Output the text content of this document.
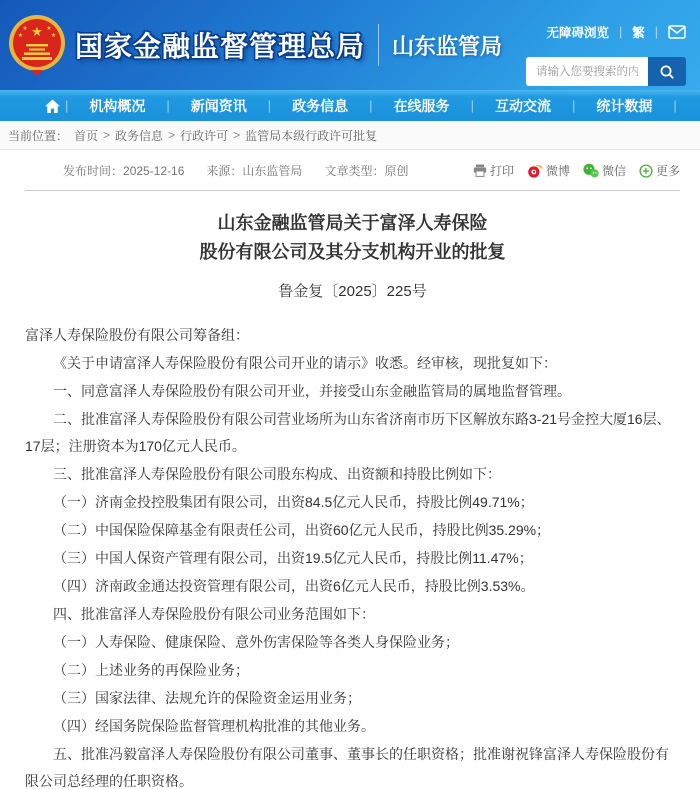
★
★
★
★
★ 国家金融监督管理总局 山东监管局
无障碍浏览 | 繁 |
请输入您要搜索的内容...
|	机构概况	|	新闻资讯	|	政务信息	|	在线服务	|	互动交流	|	统计数据	|
当前位置： 首页 > 政务信息 > 行政许可 > 监管局本级行政许可批复
发布时间：2025-12-16 来源：山东监管局 文章类型：原创	打印	微博	微信	更多
山东金融监管局关于富泽人寿保险
股份有限公司及其分支机构开业的批复
鲁金复〔2025〕225号

富泽人寿保险股份有限公司筹备组：

《关于申请富泽人寿保险股份有限公司开业的请示》收悉。经审核，现批复如下：

一、同意富泽人寿保险股份有限公司开业，并接受山东金融监管局的属地监督管理。

二、批准富泽人寿保险股份有限公司营业场所为山东省济南市历下区解放东路3-21号金控大厦16层、17层；注册资本为170亿元人民币。

三、批准富泽人寿保险股份有限公司股东构成、出资额和持股比例如下：

（一）济南金投控股集团有限公司，出资84.5亿元人民币，持股比例49.71%；

（二）中国保险保障基金有限责任公司，出资60亿元人民币，持股比例35.29%；

（三）中国人保资产管理有限公司，出资19.5亿元人民币，持股比例11.47%；

（四）济南政金通达投资管理有限公司，出资6亿元人民币，持股比例3.53%。

四、批准富泽人寿保险股份有限公司业务范围如下：

（一）人寿保险、健康保险、意外伤害保险等各类人身保险业务；

（二）上述业务的再保险业务；

（三）国家法律、法规允许的保险资金运用业务；

（四）经国务院保险监督管理机构批准的其他业务。

五、批准冯毅富泽人寿保险股份有限公司董事、董事长的任职资格；批准谢祝锋富泽人寿保险股份有限公司总经理的任职资格。
